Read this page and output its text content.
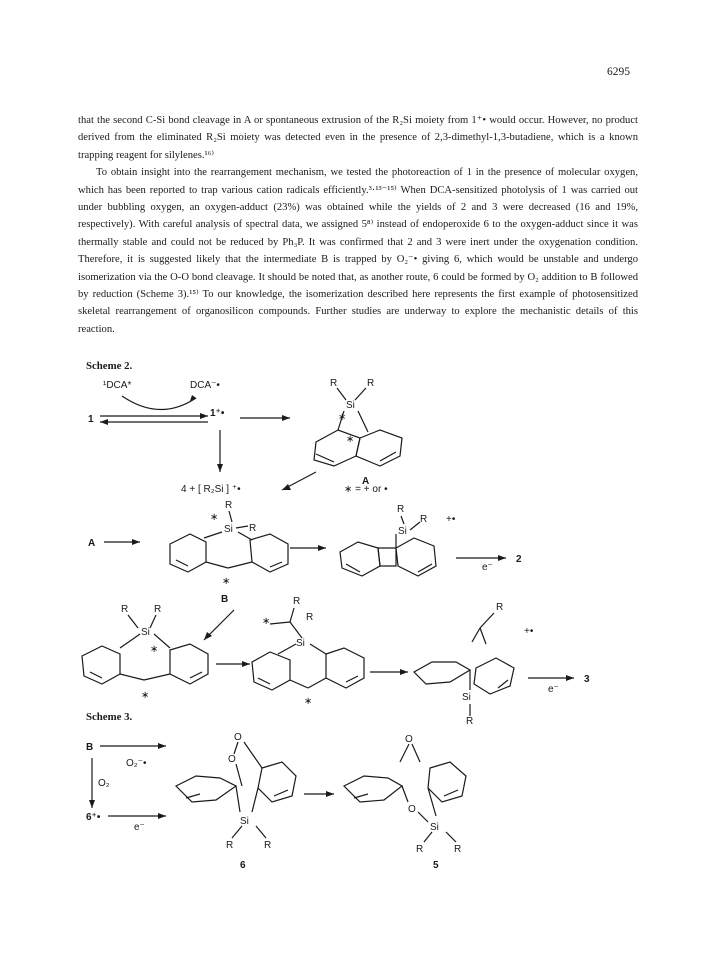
6295

that the second C-Si bond cleavage in A or spontaneous extrusion of the R₂Si moiety from 1⁺• would occur. However, no product derived from the eliminated R₂Si moiety was detected even in the presence of 2,3-dimethyl-1,3-butadiene, which is a known trapping reagent for silylenes.¹⁶⁾

To obtain insight into the rearrangement mechanism, we tested the photoreaction of 1 in the presence of molecular oxygen, which has been reported to trap various cation radicals efficiently.³·¹³⁻¹⁵⁾ When DCA-sensitized photolysis of 1 was carried out under bubbling oxygen, an oxygen-adduct (23%) was obtained while the yields of 2 and 3 were decreased (16 and 19%, respectively). With careful analysis of spectral data, we assigned 5⁸⁾ instead of endoperoxide 6 to the oxygen-adduct since it was thermally stable and could not be reduced by Ph₃P. It was confirmed that 2 and 3 were inert under the oxygenation condition. Therefore, it is suggested likely that the intermediate B is trapped by O₂⁻• giving 6, which would be unstable and undergo isomerization via the O-O bond cleavage. It should be noted that, as another route, 6 could be formed by O₂ addition to B followed by reduction (Scheme 3).¹⁵⁾ To our knowledge, the isomerization described here represents the first example of photosensitized skeletal rearrangement of organosilicon compounds. Further studies are underway to explore the mechanistic details of this reaction.

Scheme 2.
¹DCA*	DCA⁻•
1
1⁺•
R	R
Si
∗
∗
A
4 + [ R₂Si ] ⁺•	∗ = + or •
A
R
∗
Si R
∗
B
R
Si
R +•
e⁻
2
R	R
Si
∗
∗
R
∗	R
Si
∗
R
+•
Si
R
e⁻
3
Scheme 3.
B
O₂⁻•
O₂
6⁺•
e⁻
O
O
Si
R	R
6
O
O
Si
R	R
5
